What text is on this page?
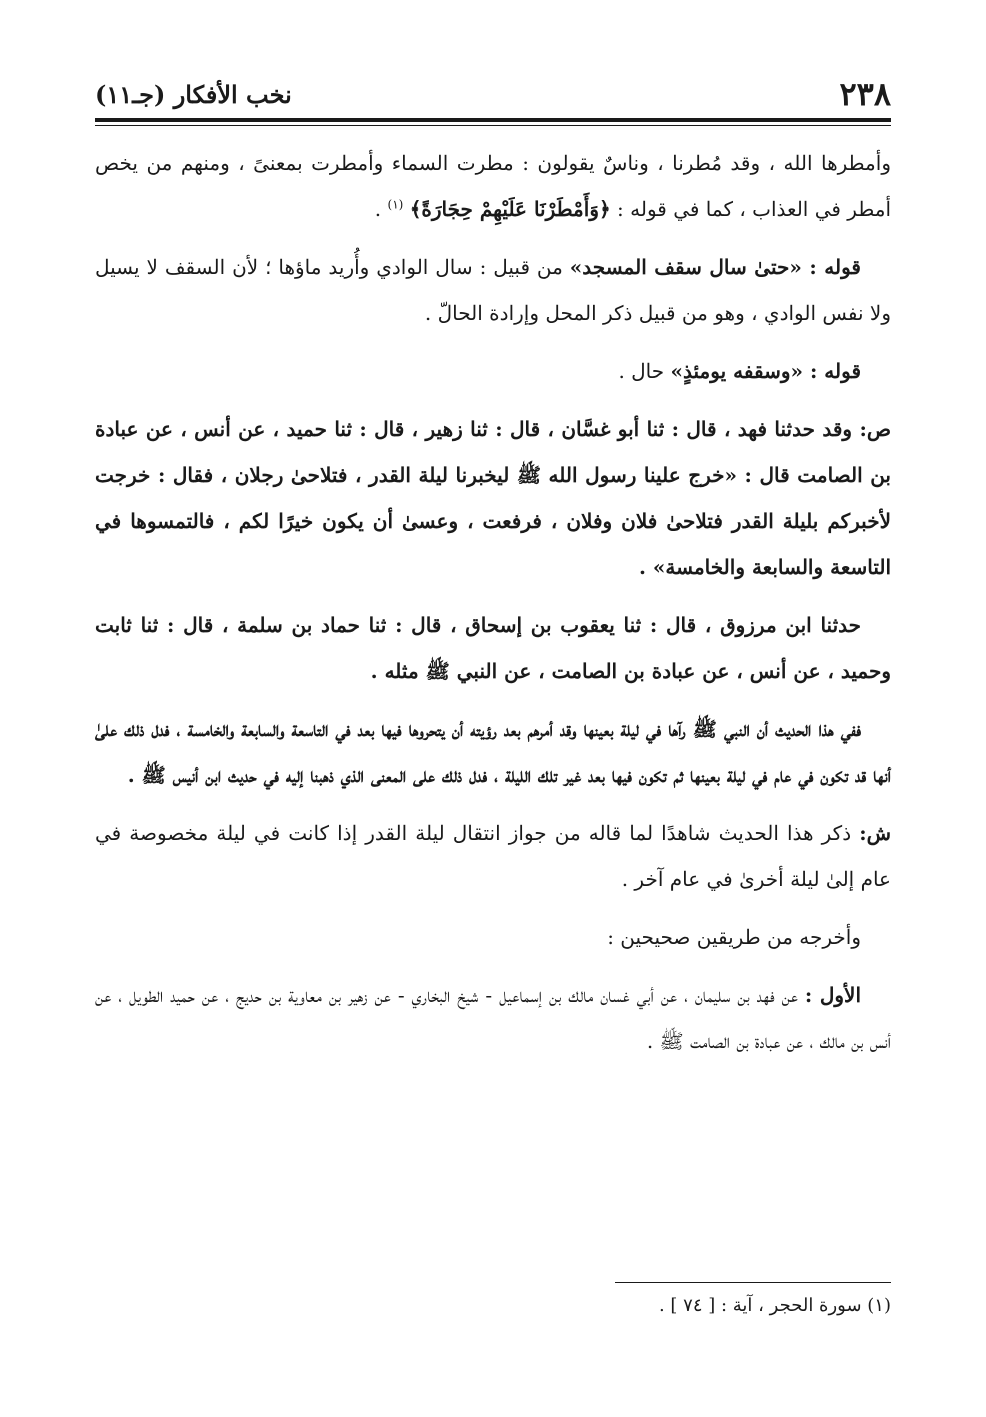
٢٣٨
نخب الأفكار (جـ١١)

وأمطرها الله ، وقد مُطرنا ، وناسٌ يقولون : مطرت السماء وأمطرت بمعنىً ، ومنهم من يخص أمطر في العذاب ، كما في قوله : ﴿وَأَمْطَرْنَا عَلَيْهِمْ حِجَارَةً﴾ $^{(١)}$ .

قوله : «حتىٰ سال سقف المسجد» من قبيل : سال الوادي وأُريد ماؤها ؛ لأن السقف لا يسيل ولا نفس الوادي ، وهو من قبيل ذكر المحل وإرادة الحالّ .

قوله : «وسقفه يومئذٍ» حال .

ص: وقد حدثنا فهد ، قال : ثنا أبو غسَّان ، قال : ثنا زهير ، قال : ثنا حميد ، عن أنس ، عن عبادة بن الصامت قال : «خرج علينا رسول الله ﷺ ليخبرنا ليلة القدر ، فتلاحىٰ رجلان ، فقال : خرجت لأخبركم بليلة القدر فتلاحىٰ فلان وفلان ، فرفعت ، وعسىٰ أن يكون خيرًا لكم ، فالتمسوها في التاسعة والسابعة والخامسة» .

حدثنا ابن مرزوق ، قال : ثنا يعقوب بن إسحاق ، قال : ثنا حماد بن سلمة ، قال : ثنا ثابت وحميد ، عن أنس ، عن عبادة بن الصامت ، عن النبي ﷺ مثله .

ففي هذا الحديث أن النبي ﷺ رآها في ليلة بعينها وقد أمرهم بعد رؤيته أن يتحروها فيها بعد في التاسعة والسابعة والخامسة ، فدل ذلك علىٰ أنها قد تكون في عام في ليلة بعينها ثم تكون فيها بعد غير تلك الليلة ، فدل ذلك على المعنى الذي ذهبنا إليه في حديث ابن أنيس ﷺ .

ش: ذكر هذا الحديث شاهدًا لما قاله من جواز انتقال ليلة القدر إذا كانت في ليلة مخصوصة في عام إلىٰ ليلة أخرىٰ في عام آخر .

وأخرجه من طريقين صحيحين :

الأول : عن فهد بن سليمان ، عن أبي غسان مالك بن إسماعيل - شيخ البخاري - عن زهير بن معاوية بن حديج ، عن حميد الطويل ، عن أنس بن مالك ، عن عبادة بن الصامت ﷺ .

(١) سورة الحجر ، آية : [ ٧٤ ] .
